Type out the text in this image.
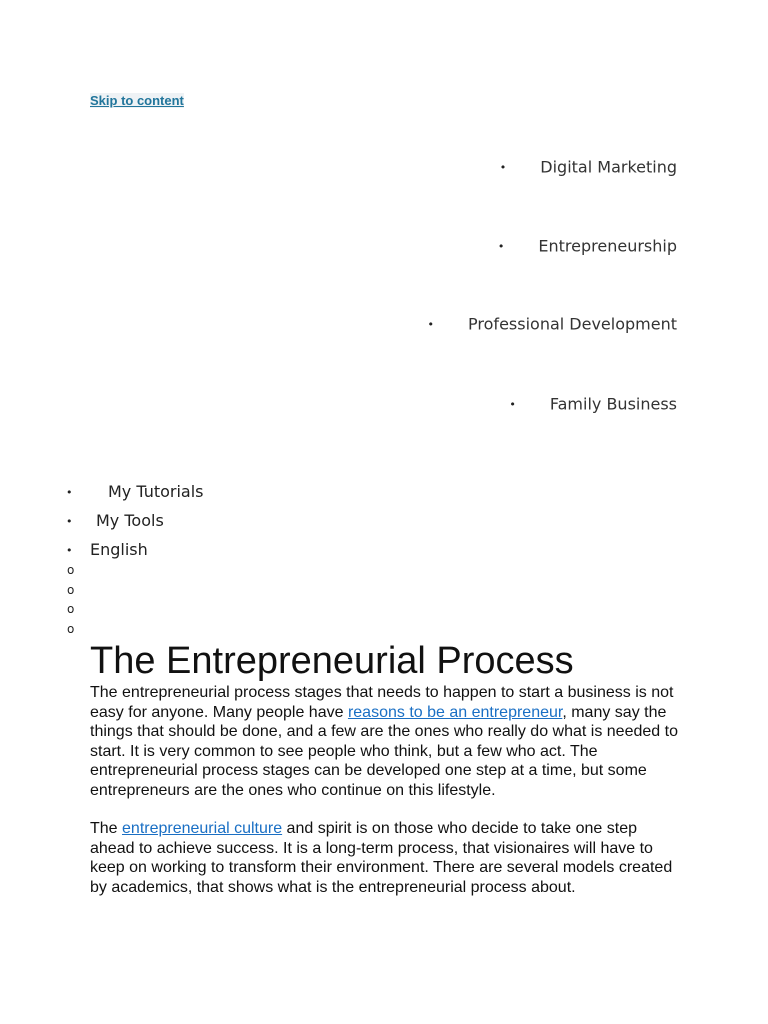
Skip to content
• Digital Marketing
• Entrepreneurship
• Professional Development
• Family Business
• My Tutorials
• My Tools
• English
o
o
o
o
The Entrepreneurial Process

The entrepreneurial process stages that needs to happen to start a business is not easy for anyone. Many people have reasons to be an entrepreneur, many say the things that should be done, and a few are the ones who really do what is needed to start. It is very common to see people who think, but a few who act. The entrepreneurial process stages can be developed one step at a time, but some entrepreneurs are the ones who continue on this lifestyle.

The entrepreneurial culture and spirit is on those who decide to take one step ahead to achieve success. It is a long-term process, that visionaires will have to keep on working to transform their environment. There are several models created by academics, that shows what is the entrepreneurial process about.
